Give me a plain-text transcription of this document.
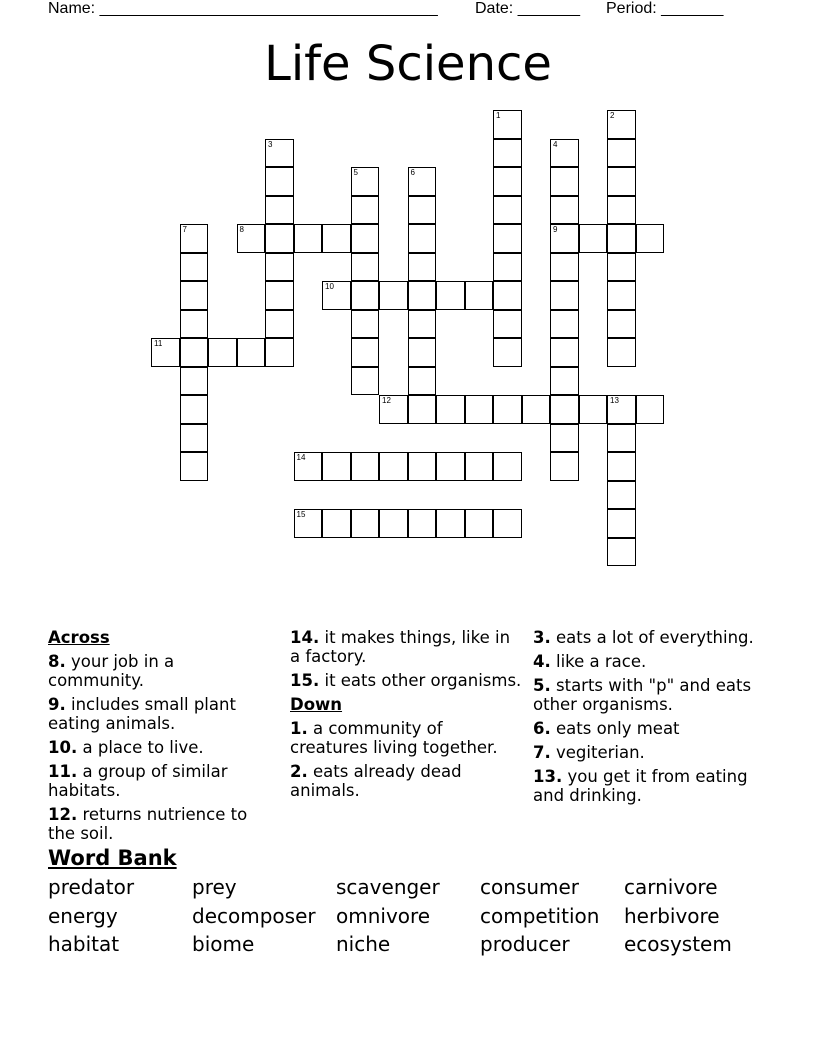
Name: ______________________________________ Date: _______ Period: _______
Life Science
1	2
3	4
9
5	6
7	8
10
11
12	13
14
15
Across
8. your job in a community.
9. includes small plant eating animals.
10. a place to live.
11. a group of similar habitats.
12. returns nutrience to the soil.
14. it makes things, like in a factory.
15. it eats other organisms.
Down
1. a community of creatures living together.
2. eats already dead animals.
3. eats a lot of everything.
4. like a race.
5. starts with "p" and eats other organisms.
6. eats only meat
7. vegiterian.
13. you get it from eating and drinking.
Word Bank
predator	prey	scavenger consumer carnivore
energy	decomposer omnivore competition herbivore
habitat	biome	niche	producer	ecosystem
